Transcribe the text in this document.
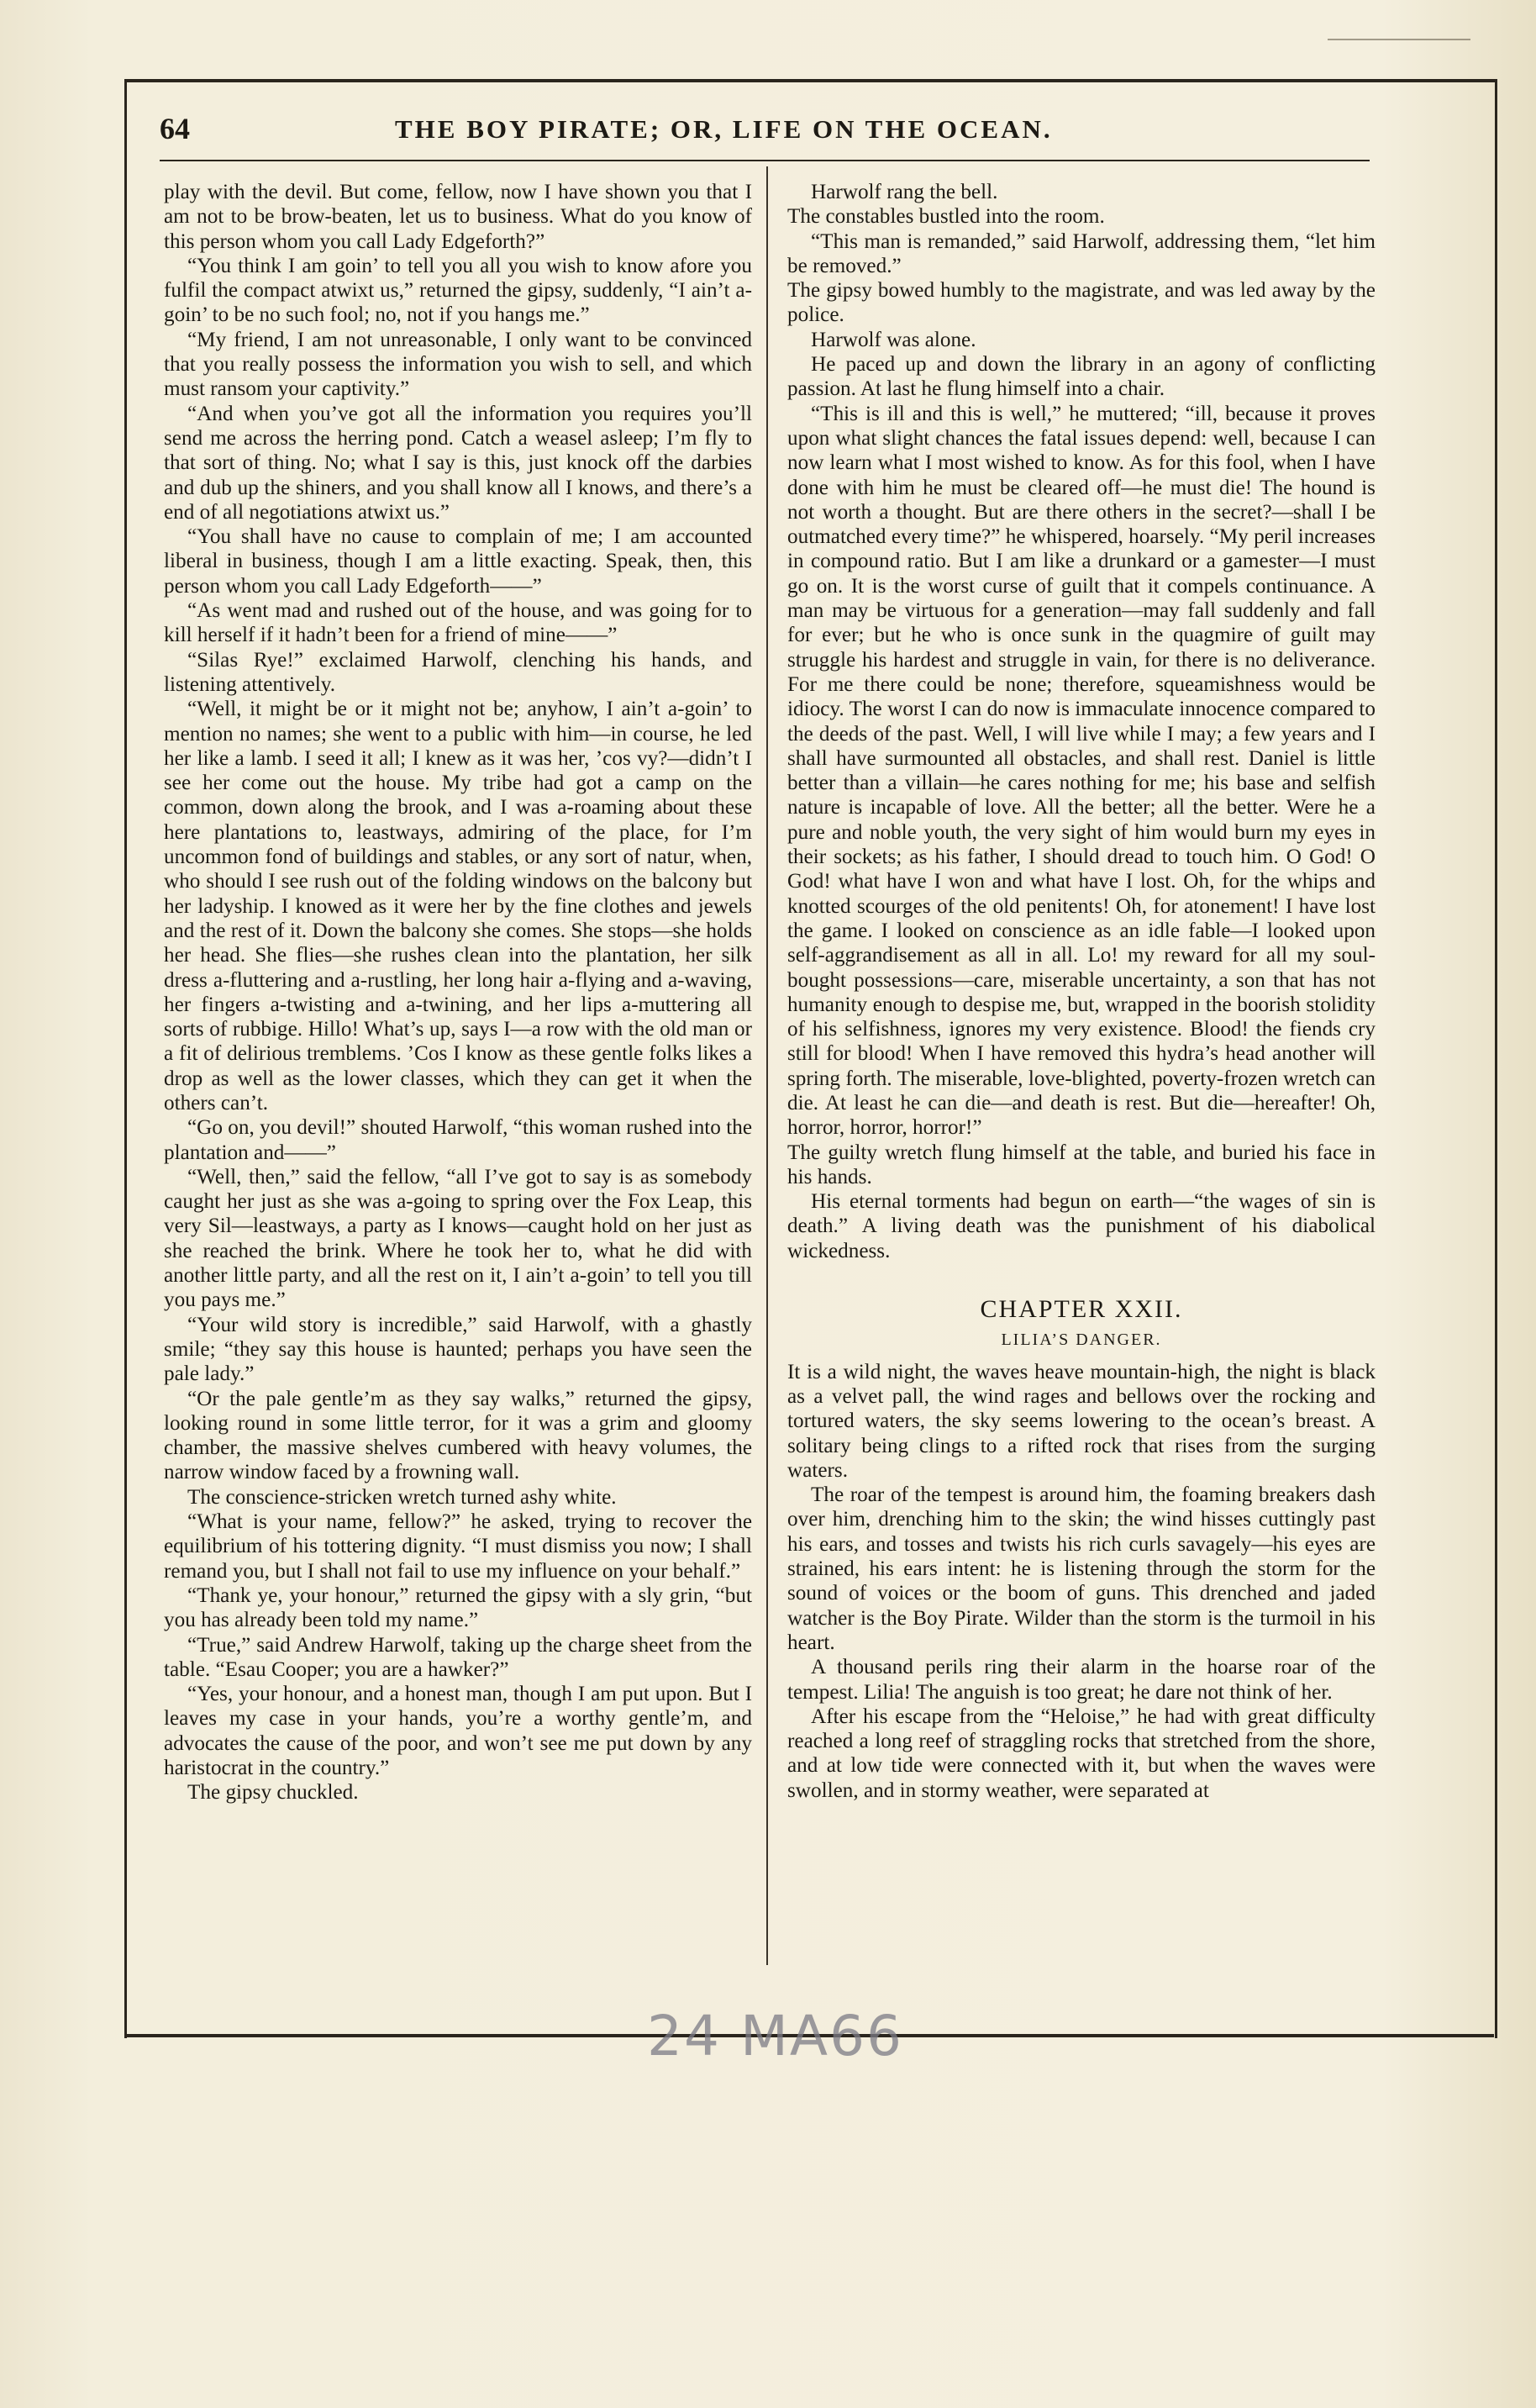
64	THE BOY PIRATE; OR, LIFE ON THE OCEAN.

play with the devil. But come, fellow, now I have shown you that I am not to be brow-beaten, let us to business. What do you know of this person whom you call Lady Edgeforth?”

“You think I am goin’ to tell you all you wish to know afore you fulfil the compact atwixt us,” returned the gipsy, suddenly, “I ain’t a-goin’ to be no such fool; no, not if you hangs me.”

“My friend, I am not unreasonable, I only want to be convinced that you really possess the information you wish to sell, and which must ransom your captivity.”

“And when you’ve got all the information you requires you’ll send me across the herring pond. Catch a weasel asleep; I’m fly to that sort of thing. No; what I say is this, just knock off the darbies and dub up the shiners, and you shall know all I knows, and there’s a end of all negotiations atwixt us.”

“You shall have no cause to complain of me; I am accounted liberal in business, though I am a little exacting. Speak, then, this person whom you call Lady Edgeforth——”

“As went mad and rushed out of the house, and was going for to kill herself if it hadn’t been for a friend of mine——”

“Silas Rye!” exclaimed Harwolf, clenching his hands, and listening attentively.

“Well, it might be or it might not be; anyhow, I ain’t a-goin’ to mention no names; she went to a public with him—in course, he led her like a lamb. I seed it all; I knew as it was her, ’cos vy?—didn’t I see her come out the house. My tribe had got a camp on the common, down along the brook, and I was a-roaming about these here plantations to, leastways, admiring of the place, for I’m uncommon fond of buildings and stables, or any sort of natur, when, who should I see rush out of the folding windows on the balcony but her ladyship. I knowed as it were her by the fine clothes and jewels and the rest of it. Down the balcony she comes. She stops—she holds her head. She flies—she rushes clean into the plantation, her silk dress a-fluttering and a-rustling, her long hair a-flying and a-waving, her fingers a-twisting and a-twining, and her lips a-muttering all sorts of rubbige. Hillo! What’s up, says I—a row with the old man or a fit of delirious tremblems. ’Cos I know as these gentle folks likes a drop as well as the lower classes, which they can get it when the others can’t.

“Go on, you devil!” shouted Harwolf, “this woman rushed into the plantation and——”

“Well, then,” said the fellow, “all I’ve got to say is as somebody caught her just as she was a-going to spring over the Fox Leap, this very Sil—leastways, a party as I knows—caught hold on her just as she reached the brink. Where he took her to, what he did with another little party, and all the rest on it, I ain’t a-goin’ to tell you till you pays me.”

“Your wild story is incredible,” said Harwolf, with a ghastly smile; “they say this house is haunted; perhaps you have seen the pale lady.”

“Or the pale gentle’m as they say walks,” returned the gipsy, looking round in some little terror, for it was a grim and gloomy chamber, the massive shelves cumbered with heavy volumes, the narrow window faced by a frowning wall.

The conscience-stricken wretch turned ashy white.

“What is your name, fellow?” he asked, trying to recover the equilibrium of his tottering dignity. “I must dismiss you now; I shall remand you, but I shall not fail to use my influence on your behalf.”

“Thank ye, your honour,” returned the gipsy with a sly grin, “but you has already been told my name.”

“True,” said Andrew Harwolf, taking up the charge sheet from the table. “Esau Cooper; you are a hawker?”

“Yes, your honour, and a honest man, though I am put upon. But I leaves my case in your hands, you’re a worthy gentle’m, and advocates the cause of the poor, and won’t see me put down by any haristocrat in the country.”

The gipsy chuckled.

Harwolf rang the bell.

The constables bustled into the room.

“This man is remanded,” said Harwolf, addressing them, “let him be removed.”

The gipsy bowed humbly to the magistrate, and was led away by the police.

Harwolf was alone.

He paced up and down the library in an agony of conflicting passion. At last he flung himself into a chair.

“This is ill and this is well,” he muttered; “ill, because it proves upon what slight chances the fatal issues depend: well, because I can now learn what I most wished to know. As for this fool, when I have done with him he must be cleared off—he must die! The hound is not worth a thought. But are there others in the secret?—shall I be outmatched every time?” he whispered, hoarsely. “My peril increases in compound ratio. But I am like a drunkard or a gamester—I must go on. It is the worst curse of guilt that it compels continuance. A man may be virtuous for a generation—may fall suddenly and fall for ever; but he who is once sunk in the quagmire of guilt may struggle his hardest and struggle in vain, for there is no deliverance. For me there could be none; therefore, squeamishness would be idiocy. The worst I can do now is immaculate innocence compared to the deeds of the past. Well, I will live while I may; a few years and I shall have surmounted all obstacles, and shall rest. Daniel is little better than a villain—he cares nothing for me; his base and selfish nature is incapable of love. All the better; all the better. Were he a pure and noble youth, the very sight of him would burn my eyes in their sockets; as his father, I should dread to touch him. O God! O God! what have I won and what have I lost. Oh, for the whips and knotted scourges of the old penitents! Oh, for atonement! I have lost the game. I looked on conscience as an idle fable—I looked upon self-aggrandisement as all in all. Lo! my reward for all my soul-bought possessions—care, miserable uncertainty, a son that has not humanity enough to despise me, but, wrapped in the boorish stolidity of his selfishness, ignores my very existence. Blood! the fiends cry still for blood! When I have removed this hydra’s head another will spring forth. The miserable, love-blighted, poverty-frozen wretch can die. At least he can die—and death is rest. But die—hereafter! Oh, horror, horror, horror!”

The guilty wretch flung himself at the table, and buried his face in his hands.

His eternal torments had begun on earth—“the wages of sin is death.” A living death was the punishment of his diabolical wickedness.

CHAPTER XXII.
LILIA’S DANGER.

It is a wild night, the waves heave mountain-high, the night is black as a velvet pall, the wind rages and bellows over the rocking and tortured waters, the sky seems lowering to the ocean’s breast. A solitary being clings to a rifted rock that rises from the surging waters.

The roar of the tempest is around him, the foaming breakers dash over him, drenching him to the skin; the wind hisses cuttingly past his ears, and tosses and twists his rich curls savagely—his eyes are strained, his ears intent: he is listening through the storm for the sound of voices or the boom of guns. This drenched and jaded watcher is the Boy Pirate. Wilder than the storm is the turmoil in his heart.

A thousand perils ring their alarm in the hoarse roar of the tempest. Lilia! The anguish is too great; he dare not think of her.

After his escape from the “Heloise,” he had with great difficulty reached a long reef of straggling rocks that stretched from the shore, and at low tide were connected with it, but when the waves were swollen, and in stormy weather, were separated at

24 MA66
